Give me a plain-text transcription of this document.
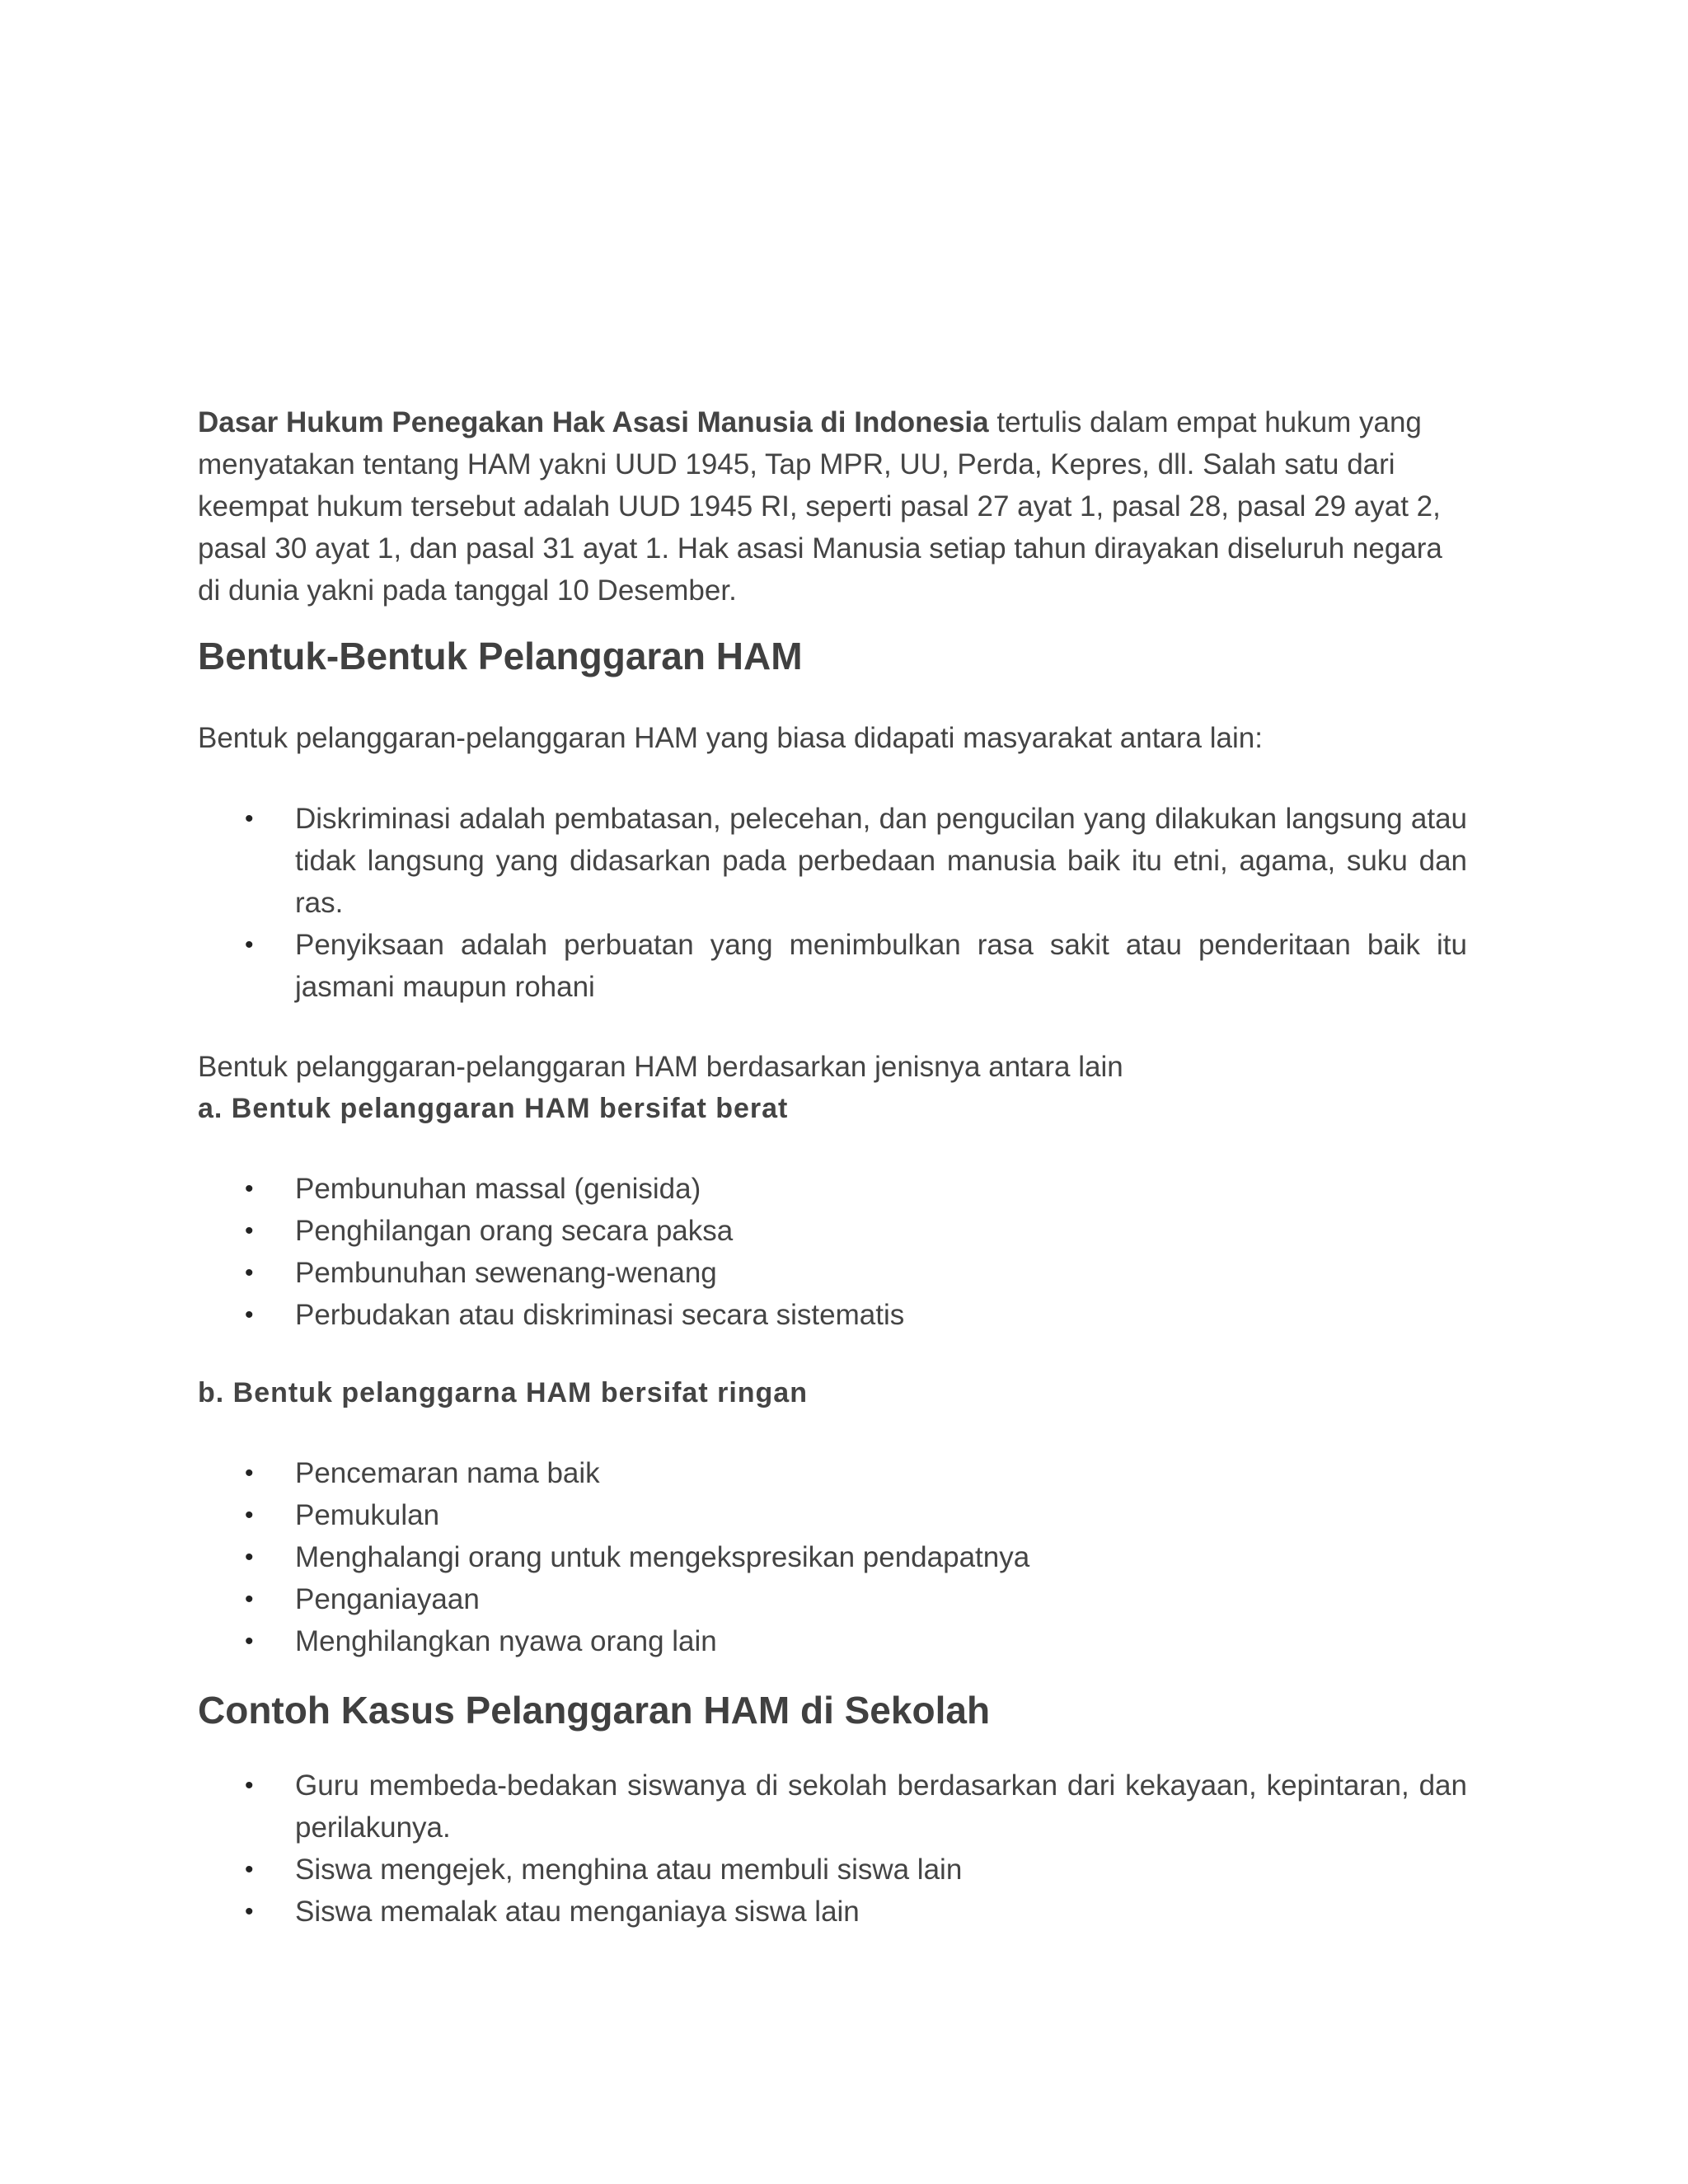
Dasar Hukum Penegakan Hak Asasi Manusia di Indonesia tertulis dalam empat hukum yang menyatakan tentang HAM yakni UUD 1945, Tap MPR, UU, Perda, Kepres, dll. Salah satu dari keempat hukum tersebut adalah UUD 1945 RI, seperti pasal 27 ayat 1, pasal 28, pasal 29 ayat 2, pasal 30 ayat 1, dan pasal 31 ayat 1. Hak asasi Manusia setiap tahun dirayakan diseluruh negara di dunia yakni pada tanggal 10 Desember.

Bentuk-Bentuk Pelanggaran HAM

Bentuk pelanggaran-pelanggaran HAM yang biasa didapati masyarakat antara lain:

• Diskriminasi adalah pembatasan, pelecehan, dan pengucilan yang dilakukan langsung atau tidak langsung yang didasarkan pada perbedaan manusia baik itu etni, agama, suku dan ras.
• Penyiksaan adalah perbuatan yang menimbulkan rasa sakit atau penderitaan baik itu jasmani maupun rohani

Bentuk pelanggaran-pelanggaran HAM berdasarkan jenisnya antara lain

a. Bentuk pelanggaran HAM bersifat berat

• Pembunuhan massal (genisida)
• Penghilangan orang secara paksa
• Pembunuhan sewenang-wenang
• Perbudakan atau diskriminasi secara sistematis

b. Bentuk pelanggarna HAM bersifat ringan

• Pencemaran nama baik
• Pemukulan
• Menghalangi orang untuk mengekspresikan pendapatnya
• Penganiayaan
• Menghilangkan nyawa orang lain
Contoh Kasus Pelanggaran HAM di Sekolah
• Guru membeda-bedakan siswanya di sekolah berdasarkan dari kekayaan, kepintaran, dan perilakunya.
• Siswa mengejek, menghina atau membuli siswa lain
• Siswa memalak atau menganiaya siswa lain
